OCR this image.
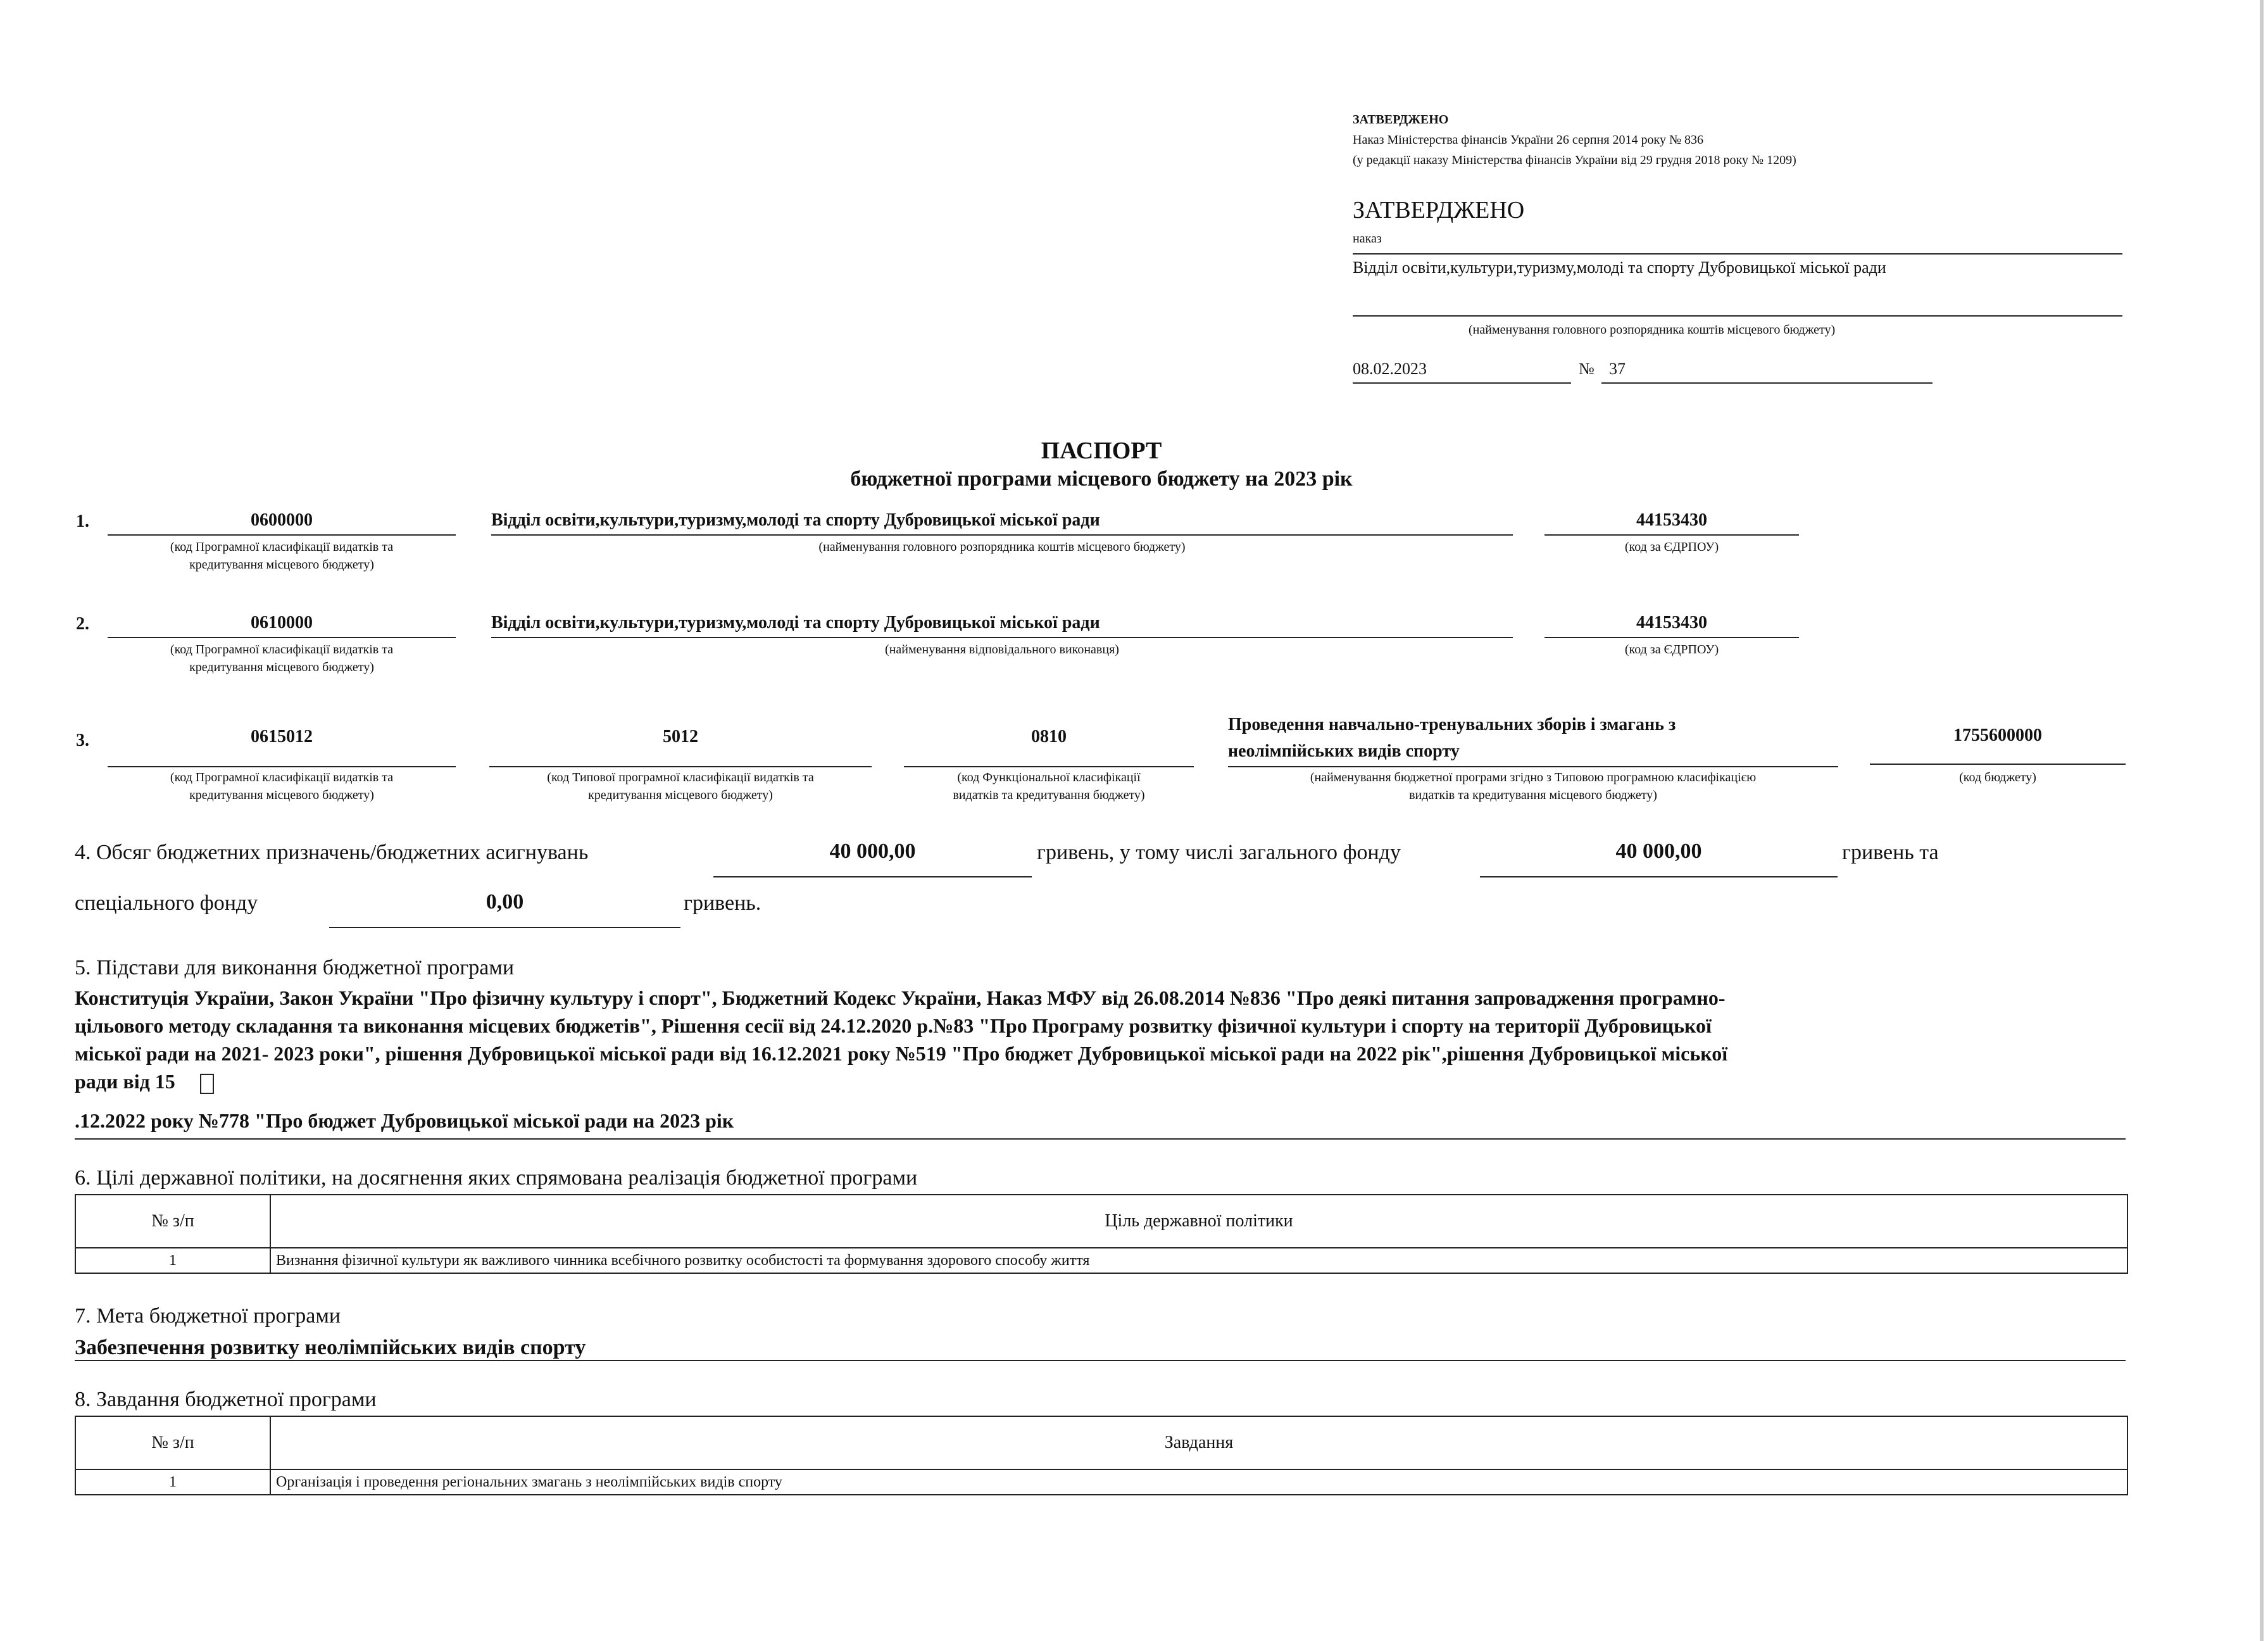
ЗАТВЕРДЖЕНО
Наказ Міністерства фінансів України 26 серпня 2014 року № 836
(у редакції наказу Міністерства фінансів України від 29 грудня 2018 року № 1209)
ЗАТВЕРДЖЕНО
наказ
Відділ освіти,культури,туризму,молоді та спорту Дубровицької міської ради
(найменування головного розпорядника коштів місцевого бюджету)
08.02.2023	№ 37
ПАСПОРТ
бюджетної програми місцевого бюджету на 2023 рік
1.	0600000
(код Програмної класифікації видатків та
кредитування місцевого бюджету)
Відділ освіти,культури,туризму,молоді та спорту Дубровицької міської ради
(найменування головного розпорядника коштів місцевого бюджету)
44153430
(код за ЄДРПОУ)
2.	0610000
(код Програмної класифікації видатків та
кредитування місцевого бюджету)
Відділ освіти,культури,туризму,молоді та спорту Дубровицької міської ради
(найменування відповідального виконавця)
44153430
(код за ЄДРПОУ)
3.	0615012
(код Програмної класифікації видатків та
кредитування місцевого бюджету)
5012
(код Типової програмної класифікації видатків та
кредитування місцевого бюджету)
0810
(код Функціональної класифікації
видатків та кредитування бюджету)
Проведення навчально-тренувальних зборів і змагань з
неолімпійських видів спорту
(найменування бюджетної програми згідно з Типовою програмною класифікацією
видатків та кредитування місцевого бюджету)
1755600000
(код бюджету)
4. Обсяг бюджетних призначень/бюджетних асигнувань	40 000,00	гривень, у тому числі загального фонду	40 000,00	гривень та
спеціального фонду	0,00	гривень.
5. Підстави для виконання бюджетної програми
Конституція України, Закон України "Про фізичну культуру і спорт", Бюджетний Кодекс України, Наказ МФУ від 26.08.2014 №836 "Про деякі питання запровадження програмно-
цільового методу складання та виконання місцевих бюджетів", Рішення сесії від 24.12.2020 р.№83 "Про Програму розвитку фізичної культури і спорту на території Дубровицької
міської ради на 2021- 2023 роки", рішення Дубровицької міської ради від 16.12.2021 року №519 "Про бюджет Дубровицької міської ради на 2022 рік",рішення Дубровицької міської
ради від 15
.12.2022 року №778 "Про бюджет Дубровицької міської ради на 2023 рік
6. Цілі державної політики, на досягнення яких спрямована реалізація бюджетної програми
№ з/п	Ціль державної політики
1	Визнання фізичної культури як важливого чинника всебічного розвитку особистості та формування здорового способу життя
7. Мета бюджетної програми
Забезпечення розвитку неолімпійських видів спорту
8. Завдання бюджетної програми
№ з/п	Завдання
1	Організація і проведення регіональних змагань з неолімпійських видів спорту
